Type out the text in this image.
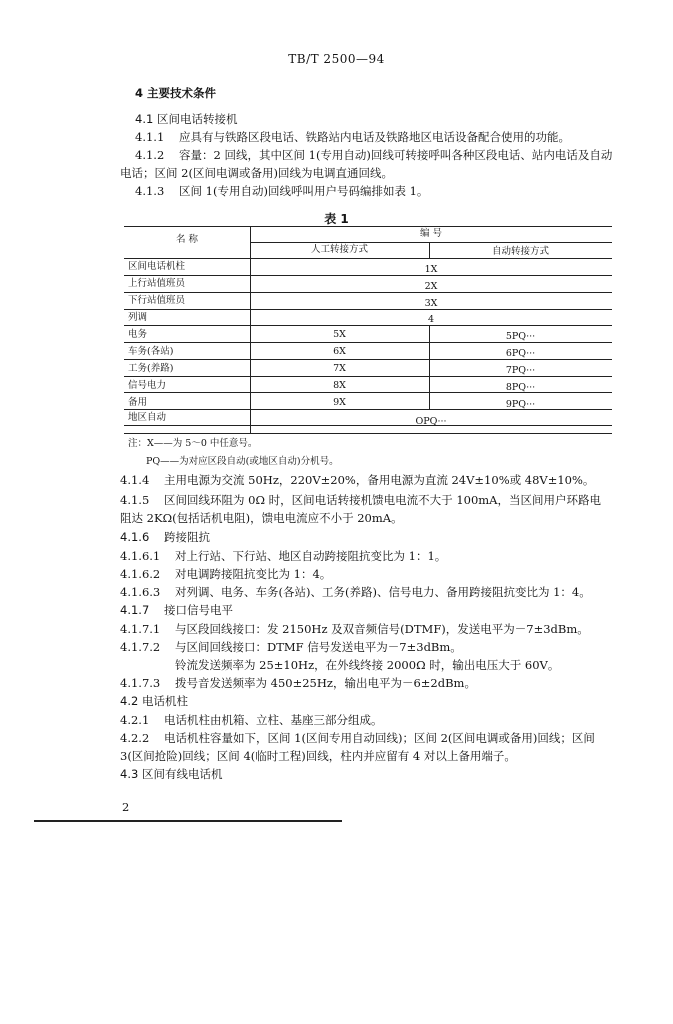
TB/T 2500—94
4 主要技术条件
4.1 区间电话转接机
4.1.1 应具有与铁路区段电话、铁路站内电话及铁路地区电话设备配合使用的功能。
4.1.2 容量：2 回线，其中区间 1(专用自动)回线可转接呼叫各种区段电话、站内电话及自动
电话；区间 2(区间电调或备用)回线为电调直通回线。
4.1.3 区间 1(专用自动)回线呼叫用户号码编排如表 1。
表 1
名 称
编 号
人工转接方式	自动转接方式
区间电话机柱	1X
上行站值班员	2X
下行站值班员	3X
列调	4
电务	5X	5PQ···
车务(各站)	6X	6PQ···
工务(养路)	7X	7PQ···
信号电力	8X	8PQ···
备用	9X	9PQ···
地区自动	OPQ···
注：X——为 5～0 中任意号。
PQ——为对应区段自动(或地区自动)分机号。
4.1.4 主用电源为交流 50Hz，220V±20%，备用电源为直流 24V±10%或 48V±10%。
4.1.5 区间回线环阻为 0Ω 时，区间电话转接机馈电电流不大于 100mA，当区间用户环路电
阻达 2KΩ(包括话机电阻)，馈电电流应不小于 20mA。
4.1.6 跨接阻抗
4.1.6.1 对上行站、下行站、地区自动跨接阻抗变比为 1：1。
4.1.6.2 对电调跨接阻抗变比为 1：4。
4.1.6.3 对列调、电务、车务(各站)、工务(养路)、信号电力、备用跨接阻抗变比为 1：4。
4.1.7 接口信号电平
4.1.7.1 与区段回线接口：发 2150Hz 及双音频信号(DTMF)，发送电平为－7±3dBm。
4.1.7.2 与区间回线接口：DTMF 信号发送电平为－7±3dBm。
铃流发送频率为 25±10Hz，在外线终接 2000Ω 时，输出电压大于 60V。
4.1.7.3 拨号音发送频率为 450±25Hz，输出电平为－6±2dBm。
4.2 电话机柱
4.2.1 电话机柱由机箱、立柱、基座三部分组成。
4.2.2 电话机柱容量如下，区间 1(区间专用自动回线)；区间 2(区间电调或备用)回线；区间
3(区间抢险)回线；区间 4(临时工程)回线，柱内并应留有 4 对以上备用端子。
4.3 区间有线电话机
2
